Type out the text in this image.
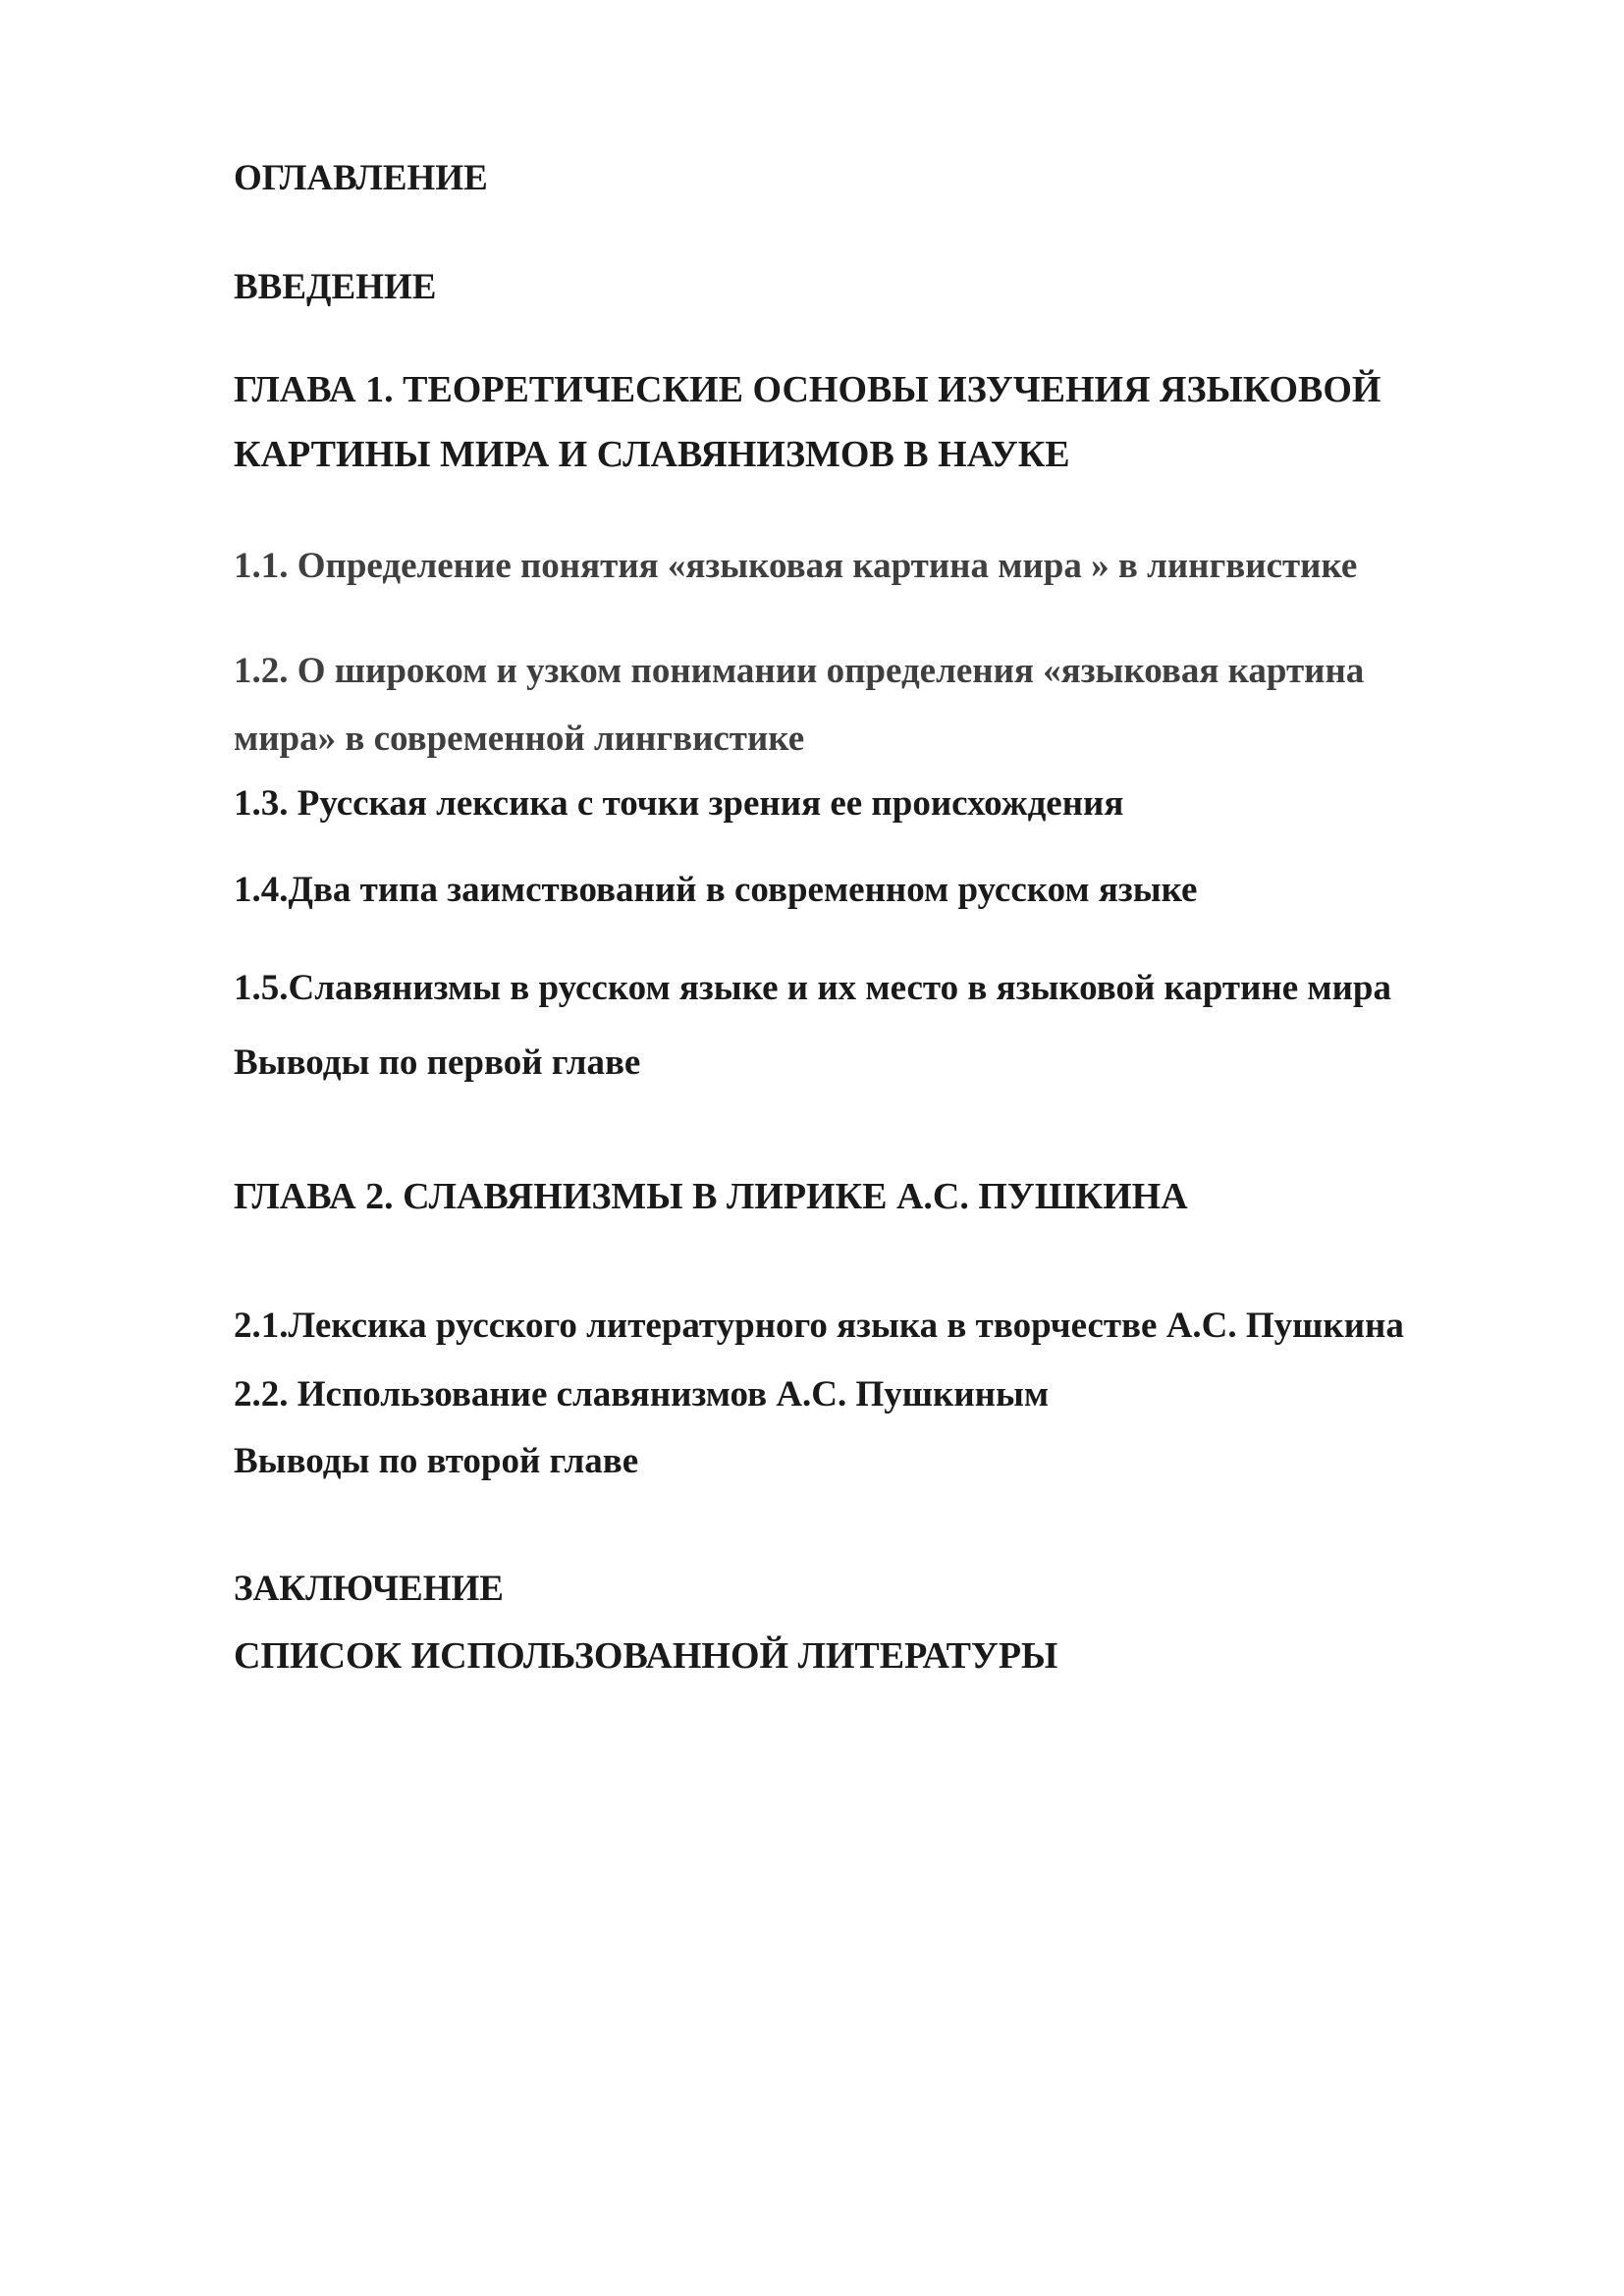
ОГЛАВЛЕНИЕ
ВВЕДЕНИЕ
ГЛАВА 1. ТЕОРЕТИЧЕСКИЕ ОСНОВЫ ИЗУЧЕНИЯ ЯЗЫКОВОЙ
КАРТИНЫ МИРА И СЛАВЯНИЗМОВ В НАУКЕ
1.1. Определение понятия «языковая картина мира » в лингвистике
1.2. О широком и узком понимании определения «языковая картина
мира» в современной лингвистике
1.3. Русская лексика с точки зрения ее происхождения
1.4.Два типа заимствований в современном русском языке
1.5.Славянизмы в русском языке и их место в языковой картине мира
Выводы по первой главе
ГЛАВА 2. СЛАВЯНИЗМЫ В ЛИРИКЕ А.С. ПУШКИНА
2.1.Лексика русского литературного языка в творчестве А.С. Пушкина
2.2. Использование славянизмов А.С. Пушкиным
Выводы по второй главе
ЗАКЛЮЧЕНИЕ
СПИСОК ИСПОЛЬЗОВАННОЙ ЛИТЕРАТУРЫ
